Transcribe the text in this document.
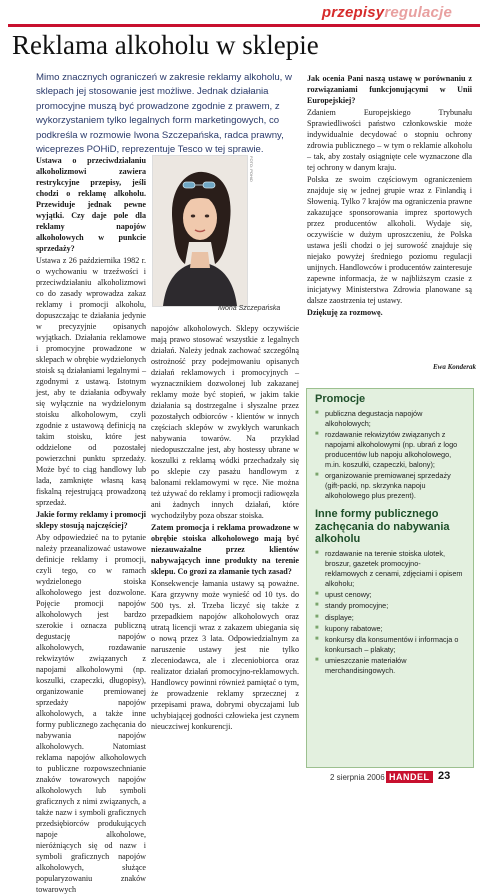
przepisyregulacje
Reklama alkoholu w sklepie

Mimo znacznych ograniczeń w zakresie reklamy alkoholu, w sklepach jej stosowanie jest możliwe. Jednak działania promocyjne muszą być prowadzone zgodnie z prawem, z wykorzystaniem tylko legalnych form marketingowych, co podkreśla w rozmowie Iwona Szczepańska, radca prawny, wiceprezes POHiD, reprezentuje Tesco w tej sprawie.

Ustawa o przeciwdziałaniu alkoholizmowi zawiera restrykcyjne przepisy, jeśli chodzi o reklamę alkoholu. Przewiduje jednak pewne wyjątki. Czy daje pole dla reklamy napojów alkoholowych w punkcie sprzedaży?

Ustawa z 26 października 1982 r. o wychowaniu w trzeźwości i przeciwdziałaniu alkoholizmowi co do zasady wprowadza zakaz reklamy i promocji alkoholu, dopuszczając te działania jedynie w precyzyjnie opisanych wyjątkach. Działania reklamowe i promocyjne prowadzone w sklepach w obrębie wydzielonych stoisk są działaniami legalnymi – zgodnymi z ustawą. Istotnym jest, aby te działania odbywały się wyłącznie na wydzielonym stoisku alkoholowym, czyli zgodnie z ustawową definicją na takim stoisku, które jest oddzielone od pozostałej powierzchni punktu sprzedaży. Może być to ciąg handlowy lub lada, zamknięte własną kasą fiskalną rejestrującą prowadzoną sprzedaż.

Jakie formy reklamy i promocji sklepy stosują najczęściej?

Aby odpowiedzieć na to pytanie należy przeanalizować ustawowe definicje reklamy i promocji, czyli tego, co w ramach wydzielonego stoiska alkoholowego jest dozwolone. Pojęcie promocji napojów alkoholowych jest bardzo szerokie i oznacza publiczną degustację napojów alkoholowych, rozdawanie rekwizytów związanych z napojami alkoholowymi (np. koszulki, czapeczki, długopisy), organizowanie premiowanej sprzedaży napojów alkoholowych, a także inne formy publicznego zachęcania do nabywania napojów alkoholowych. Natomiast reklama napojów alkoholowych to publiczne rozpowszechnianie znaków towarowych napojów alkoholowych lub symboli graficznych z nimi związanych, a także nazw i symboli graficznych przedsiębiorców produkujących napoje alkoholowe, nieróżniących się od nazw i symboli graficznych napojów alkoholowych, służące popularyzowaniu znaków towarowych

FOTO: POHiD
Iwona Szczepańska

napojów alkoholowych. Sklepy oczywiście mają prawo stosować wszystkie z legalnych działań. Należy jednak zachować szczególną ostrożność przy podejmowaniu opisanych działań reklamowych i promocyjnych – wyznacznikiem dozwolonej lub zakazanej reklamy może być stopień, w jakim takie działania są dostrzegalne i słyszalne przez pozostałych odbiorców - klientów w innych częściach sklepów w zwykłych warunkach nabywania towarów. Na przykład niedopuszczalne jest, aby hostessy ubrane w koszulki z reklamą wódki przechadzały się po sklepie czy pasażu handlowym z balonami reklamowymi w ręce. Nie można też używać do reklamy i promocji radiowęzła ani żadnych innych działań, które wychodziłyby poza obszar stoiska.

Zatem promocja i reklama prowadzone w obrębie stoiska alkoholowego mają być niezauważalne przez klientów nabywających inne produkty na terenie sklepu. Co grozi za złamanie tych zasad?

Konsekwencje łamania ustawy są poważne. Kara grzywny może wynieść od 10 tys. do 500 tys. zł. Trzeba liczyć się także z przepadkiem napojów alkoholowych oraz utratą licencji wraz z zakazem ubiegania się o nową przez 3 lata. Odpowiedzialnym za naruszenie ustawy jest nie tylko zleceniodawca, ale i zleceniobiorca oraz realizator działań promocyjno-reklamowych. Handlowcy powinni również pamiętać o tym, że prowadzenie reklamy sprzecznej z przepisami prawa, dobrymi obyczajami lub uchybiającej godności człowieka jest czynem nieuczciwej konkurencji.

Jak ocenia Pani naszą ustawę w porównaniu z rozwiązaniami funkcjonującymi w Unii Europejskiej?

Zdaniem Europejskiego Trybunału Sprawiedliwości państwo członkowskie może indywidualnie decydować o stopniu ochrony zdrowia publicznego – w tym o reklamie alkoholu – tak, aby zostały osiągnięte cele wyznaczone dla tej ochrony w danym kraju.

Polska ze swoim częściowym ograniczeniem znajduje się w jednej grupie wraz z Finlandią i Słowenią. Tylko 7 krajów ma ograniczenia prawne zakazujące sponsorowania imprez sportowych przez producentów alkoholi. Wydaje się, oczywiście w dużym uproszczeniu, że Polska ustawa jeśli chodzi o jej surowość znajduje się niejako powyżej średniego poziomu regulacji unijnych. Handlowców i producentów zainteresuje zapewne informacja, że w najbliższym czasie z inicjatywy Ministerstwa Zdrowia planowane są dalsze zaostrzenia tej ustawy.

Dziękuję za rozmowę.

Ewa Konderak
Promocje
■ publiczna degustacja napojów alkoholowych;
■ rozdawanie rekwizytów związanych z napojami alkoholowymi (np. ubrań z logo producentów lub napoju alkoholowego, m.in. koszulki, czapeczki, balony);
■ organizowanie premiowanej sprzedaży (gift-packi, np. skrzynka napoju alkoholowego plus prezent).
Inne formy publicznego zachęcania do nabywania alkoholu
■ rozdawanie na terenie stoiska ulotek, broszur, gazetek promocyjno- reklamowych z cenami, zdjęciami i opisem alkoholu;
■ upust cenowy;
■ standy promocyjne;
■ displaye;
■ kupony rabatowe;
■ konkursy dla konsumentów i informacja o konkursach – plakaty;
■ umieszczanie materiałów merchandisingowych.
2 sierpnia 2006 HANDEL 23
